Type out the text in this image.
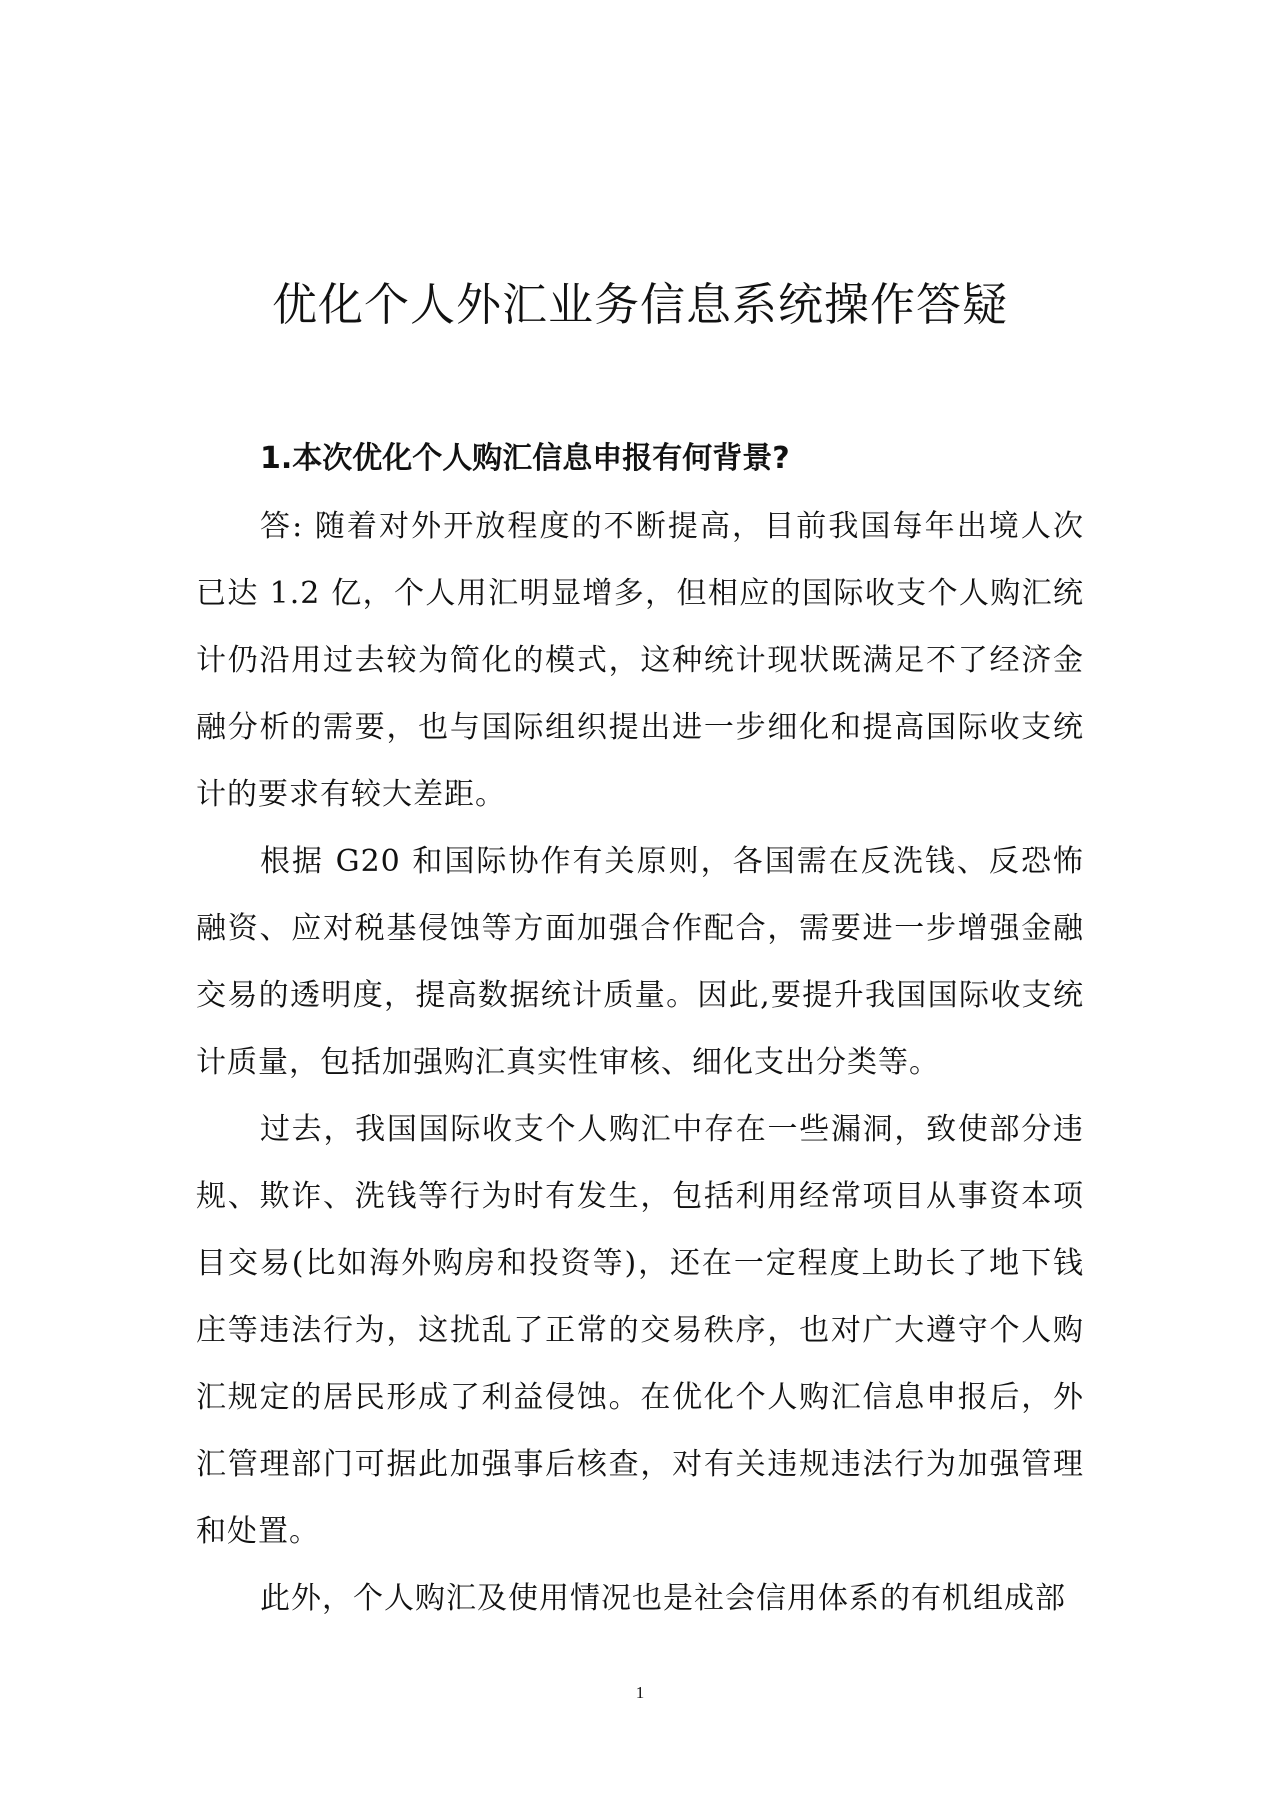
优化个人外汇业务信息系统操作答疑

1.本次优化个人购汇信息申报有何背景?

答: 随着对外开放程度的不断提高，目前我国每年出境人次已达 1.2 亿，个人用汇明显增多，但相应的国际收支个人购汇统计仍沿用过去较为简化的模式，这种统计现状既满足不了经济金融分析的需要，也与国际组织提出进一步细化和提高国际收支统计的要求有较大差距。

根据 G20 和国际协作有关原则，各国需在反洗钱、反恐怖融资、应对税基侵蚀等方面加强合作配合，需要进一步增强金融交易的透明度，提高数据统计质量。因此,要提升我国国际收支统计质量，包括加强购汇真实性审核、细化支出分类等。

过去，我国国际收支个人购汇中存在一些漏洞，致使部分违规、欺诈、洗钱等行为时有发生，包括利用经常项目从事资本项目交易(比如海外购房和投资等)，还在一定程度上助长了地下钱庄等违法行为，这扰乱了正常的交易秩序，也对广大遵守个人购汇规定的居民形成了利益侵蚀。在优化个人购汇信息申报后，外汇管理部门可据此加强事后核查，对有关违规违法行为加强管理和处置。

此外，个人购汇及使用情况也是社会信用体系的有机组成部

1
